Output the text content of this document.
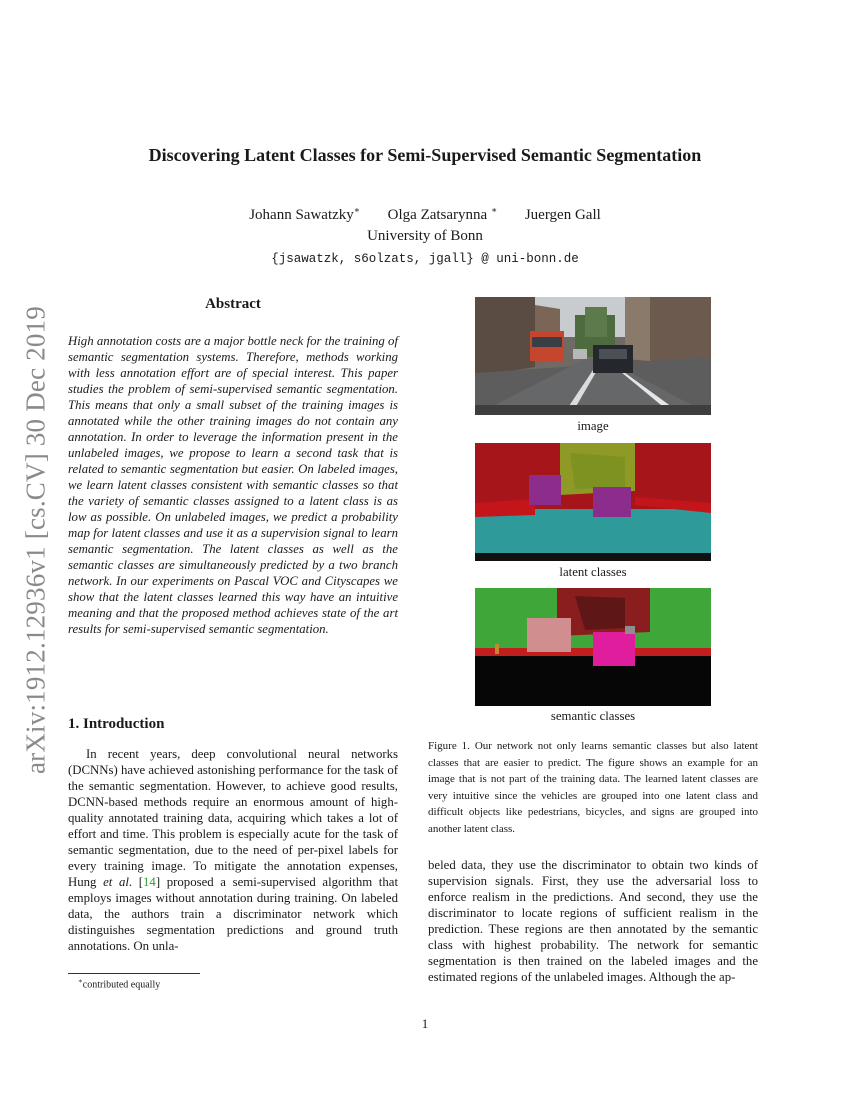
arXiv:1912.12936v1 [cs.CV] 30 Dec 2019
Discovering Latent Classes for Semi-Supervised Semantic Segmentation
Johann Sawatzky∗ Olga Zatsarynna ∗ Juergen Gall
University of Bonn
{jsawatzk, s6olzats, jgall} @ uni-bonn.de
Abstract
High annotation costs are a major bottle neck for the training of semantic segmentation systems. Therefore, methods working with less annotation effort are of special interest. This paper studies the problem of semi-supervised semantic segmentation. This means that only a small subset of the training images is annotated while the other training images do not contain any annotation. In order to leverage the information present in the unlabeled images, we propose to learn a second task that is related to semantic segmentation but easier. On labeled images, we learn latent classes consistent with semantic classes so that the variety of semantic classes assigned to a latent class is as low as possible. On unlabeled images, we predict a probability map for latent classes and use it as a supervision signal to learn semantic segmentation. The latent classes as well as the semantic classes are simultaneously predicted by a two branch network. In our experiments on Pascal VOC and Cityscapes we show that the latent classes learned this way have an intuitive meaning and that the proposed method achieves state of the art results for semi-supervised semantic segmentation.
1. Introduction

In recent years, deep convolutional neural networks (DCNNs) have achieved astonishing performance for the task of the semantic segmentation. However, to achieve good results, DCNN-based methods require an enormous amount of high-quality annotated training data, acquiring which takes a lot of effort and time. This problem is especially acute for the task of semantic segmentation, due to the need of per-pixel labels for every training image. To mitigate the annotation expenses, Hung et al. [14] proposed a semi-supervised algorithm that employs images without annotation during training. On labeled data, the authors train a discriminator network which distinguishes segmentation predictions and ground truth annotations. On unla-

∗contributed equally
image
latent classes
semantic classes
Figure 1. Our network not only learns semantic classes but also latent classes that are easier to predict. The figure shows an example for an image that is not part of the training data. The learned latent classes are very intuitive since the vehicles are grouped into one latent class and difficult objects like pedestrians, bicycles, and signs are grouped into another latent class.

beled data, they use the discriminator to obtain two kinds of supervision signals. First, they use the adversarial loss to enforce realism in the predictions. And second, they use the discriminator to locate regions of sufficient realism in the prediction. These regions are then annotated by the semantic class with highest probability. The network for semantic segmentation is then trained on the labeled images and the estimated regions of the unlabeled images. Although the ap-

1
